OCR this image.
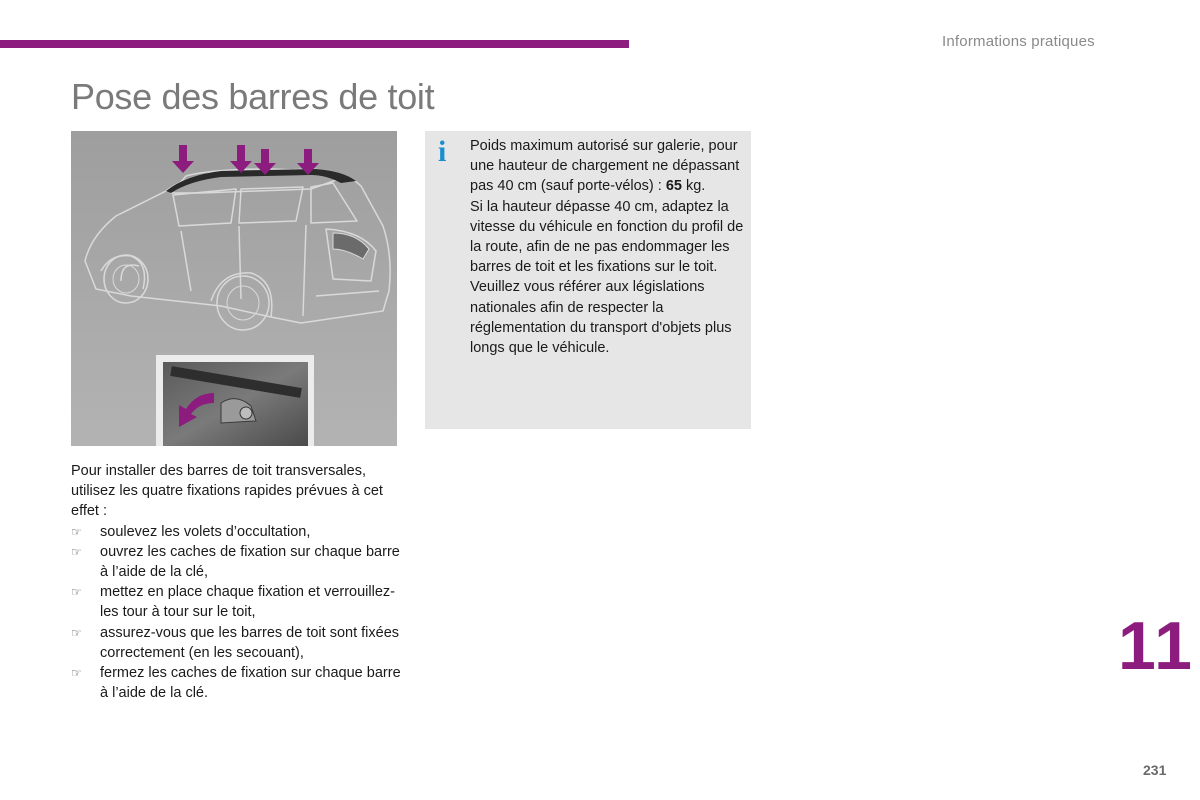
Informations pratiques
Pose des barres de toit
i Poids maximum autorisé sur galerie, pour une hauteur de chargement ne dépassant pas 40 cm (sauf porte-vélos) : 65 kg.

Si la hauteur dépasse 40 cm, adaptez la vitesse du véhicule en fonction du profil de la route, afin de ne pas endommager les barres de toit et les fixations sur le toit.

Veuillez vous référer aux législations nationales afin de respecter la réglementation du transport d'objets plus longs que le véhicule.

Pour installer des barres de toit transversales, utilisez les quatre fixations rapides prévues à cet effet :

☞ soulevez les volets d’occultation,
☞ ouvrez les caches de fixation sur chaque barre à l’aide de la clé,
☞ mettez en place chaque fixation et verrouillez-les tour à tour sur le toit,
☞ assurez-vous que les barres de toit sont fixées correctement (en les secouant),
☞ fermez les caches de fixation sur chaque barre à l’aide de la clé.
11
231
